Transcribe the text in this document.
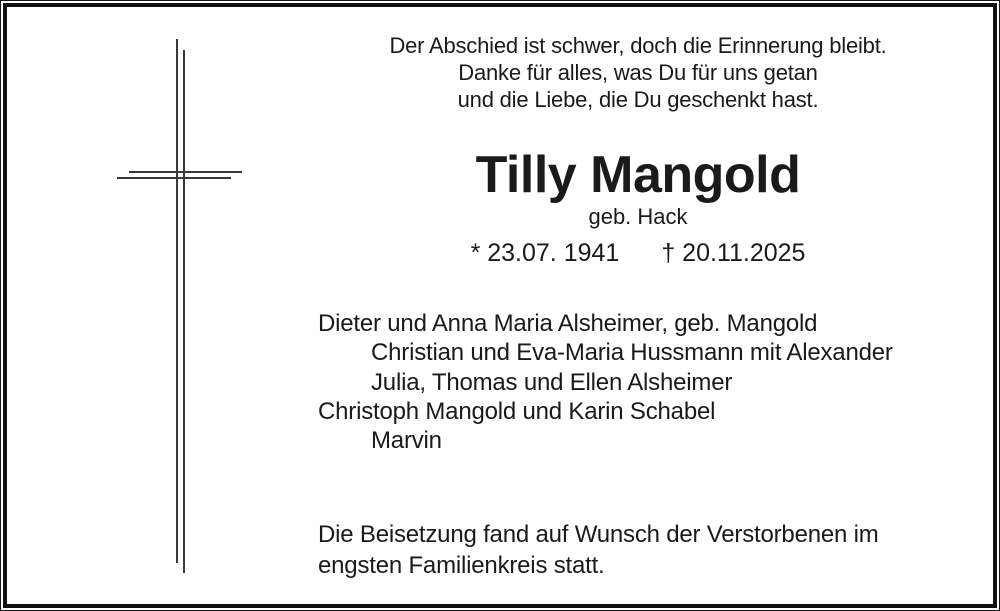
Der Abschied ist schwer, doch die Erinnerung bleibt.
Danke für alles, was Du für uns getan
und die Liebe, die Du geschenkt hast.
Tilly Mangold
geb. Hack
* 23.07. 1941 † 20.11.2025
Dieter und Anna Maria Alsheimer, geb. Mangold
Christian und Eva-Maria Hussmann mit Alexander
Julia, Thomas und Ellen Alsheimer
Christoph Mangold und Karin Schabel
Marvin
Die Beisetzung fand auf Wunsch der Verstorbenen im
engsten Familienkreis statt.
